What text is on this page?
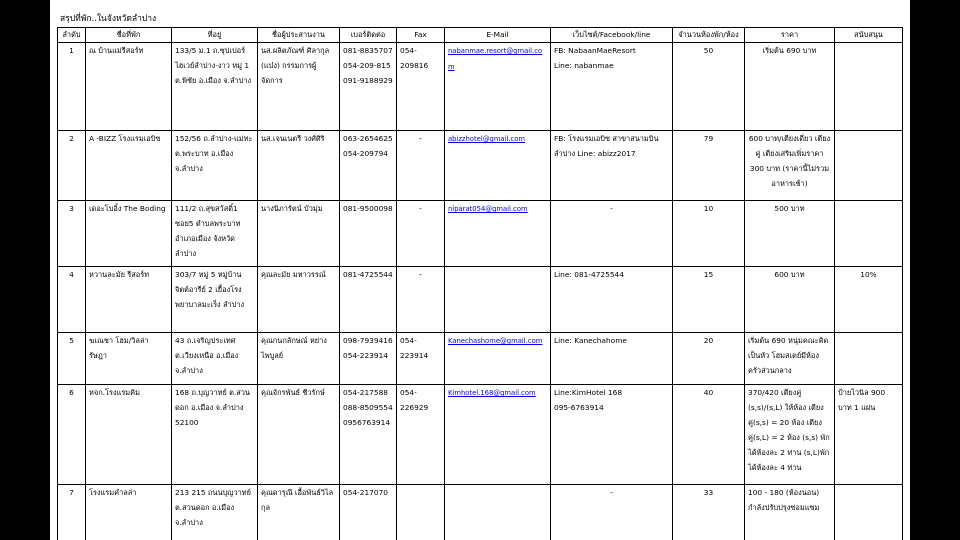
สรุปที่พัก..ในจังหวัดลำปาง
ลำดับ	ชื่อที่พัก	ที่อยู่	ชื่อผู้ประสานงาน	เบอร์ติดต่อ	Fax	E-Mail	เว็บไซต์/Facebook/line	จำนวนห้องพัก/ห้อง	ราคา	สนับสนุน
1	ณ บ้านแม่รีสอร์ท	133/5 ม.1 ถ.ซุปเปอร์ไฮเวย์ลำปาง-งาว หมู่ 1 ต.พิชัย อ.เมือง จ.ลำปาง	นส.ผลิตภัณฑ์ ศิลากุล (แบ๋ง) กรรมการผู้จัดการ	081-8835707
054-209-815
091-9188929	054-209816	nabanmae.resort@gmail.com	FB: NabaanMaeResort
Line: nabanmae	50	เริ่มต้น 690 บาท	
2	A -BIZZ โรงแรมเอบิซ	152/56 ถ.ลำปาง-แม่ทะ ต.พระบาท อ.เมือง จ.ลำปาง	นส.เจนเนตรี วงศ์ศิริ	063-2654625
054-209794	-	abizzhotel@gmail.com	FB: โรงแรมเอบิซ สาขาสนามบินลำปาง Line: abizz2017	79	600 บาท/เตียงเดี่ยว เตียงคู่ เตียงเสริมเพิ่มราคา 300 บาท (ราคานี้ไม่รวมอาหารเช้า)	
3	เดอะโบอิ้ง The Boding	111/2 ถ.สุขสวัสดิ์1 ซอย5 ตำบลพระบาท อำเภอเมือง จังหวัดลำปาง	นางนิภารัตน์ บัวมุ่ม	081-9500098	-	niparat054@gmail.com	-	10	500 บาท	
4	หวานละมัย รีสอร์ท	303/7 หมู่ 5 หมู่บ้านจิตต์อารีย์ 2 เยื้องโรงพยาบาลมะเร็ง ลำปาง	คุณละมัย มหาวรรณ์	081-4725544	-		Line: 081-4725544	15	600 บาท	10%
5	ฆเณชา โฮม/วิลล่า รัษฎา	43 ถ.เจริญประเทศ ต.เวียงเหนือ อ.เมือง จ.ลำปาง	คุณกนกลักษณ์ หย่าง ไพบูลย์	098-7939416
054-223914	054-223914	Kanechashome@gmail.com	Line: Kanechahome	20	เริ่มต้น 690 หนุ่มคณะคิดเป็นหัว โฮมสเตย์มีห้องครัวส่วนกลาง	
6	หจก.โรงแรมคิม	168 ถ.บุญวาทย์ ต.สวนดอก อ.เมือง จ.ลำปาง 52100	คุณจักรพันธ์ ชีวรักษ์	054-217588
088-8509554
0956763914	054-226929	Kimhotel.168@gmail.com	Line:KimHotel 168
095-6763914	40	370/420 เตียงคู่ (s,s)/(s,L) ให้ห้อง เตียงคู่(s,s) = 20 ห้อง เตียงคู่(s,L) = 2 ห้อง (s,s) พักได้ห้องละ 2 ท่าน (s,L)พักได้ห้องละ 4 ท่าน	ป้ายไวนิล 900 บาท 1 แผ่น
7	โรงแรมคำลล่า	213 215 ถนนบุญวาทย์ ต.สวนดอก อ.เมือง จ.ลำปาง	คุณดารุณี เอื้อพันธ์วิไลกุล	054-217070			-	33	100 - 180 (ห้องนอน) กำลังปรับปรุงซ่อมแซม	
